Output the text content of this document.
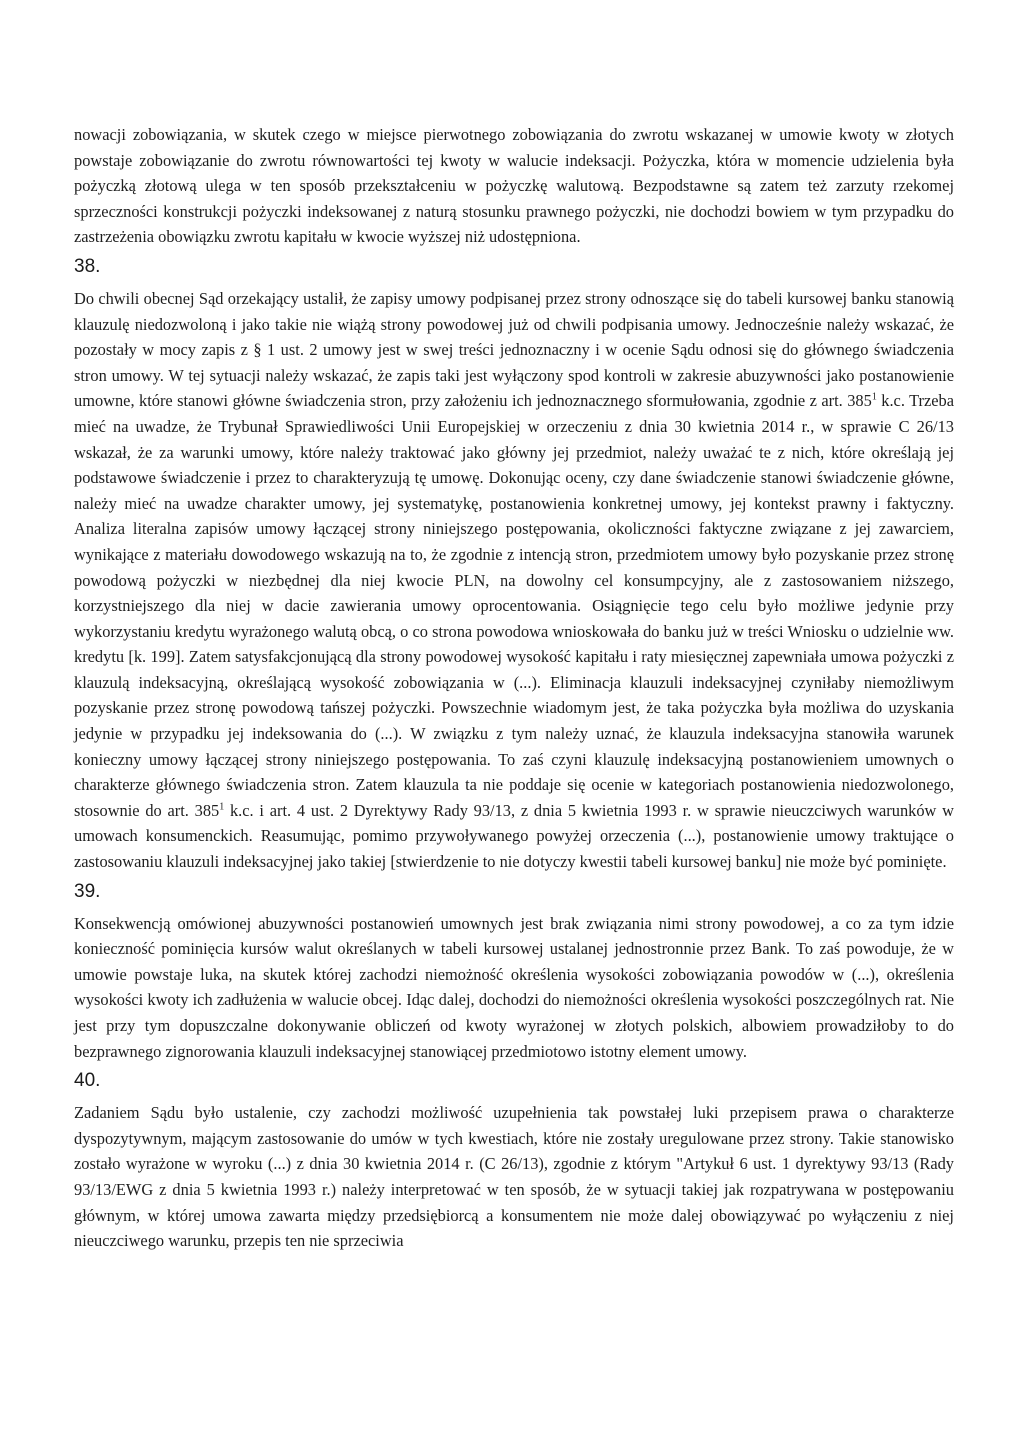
nowacji zobowiązania, w skutek czego w miejsce pierwotnego zobowiązania do zwrotu wskazanej w umowie kwoty w złotych powstaje zobowiązanie do zwrotu równowartości tej kwoty w walucie indeksacji. Pożyczka, która w momencie udzielenia była pożyczką złotową ulega w ten sposób przekształceniu w pożyczkę walutową. Bezpodstawne są zatem też zarzuty rzekomej sprzeczności konstrukcji pożyczki indeksowanej z naturą stosunku prawnego pożyczki, nie dochodzi bowiem w tym przypadku do zastrzeżenia obowiązku zwrotu kapitału w kwocie wyższej niż udostępniona.

38.

Do chwili obecnej Sąd orzekający ustalił, że zapisy umowy podpisanej przez strony odnoszące się do tabeli kursowej banku stanowią klauzulę niedozwoloną i jako takie nie wiążą strony powodowej już od chwili podpisania umowy. Jednocześnie należy wskazać, że pozostały w mocy zapis z § 1 ust. 2 umowy jest w swej treści jednoznaczny i w ocenie Sądu odnosi się do głównego świadczenia stron umowy. W tej sytuacji należy wskazać, że zapis taki jest wyłączony spod kontroli w zakresie abuzywności jako postanowienie umowne, które stanowi główne świadczenia stron, przy założeniu ich jednoznacznego sformułowania, zgodnie z art. $385^1$ k.c. Trzeba mieć na uwadze, że Trybunał Sprawiedliwości Unii Europejskiej w orzeczeniu z dnia 30 kwietnia 2014 r., w sprawie C 26/13 wskazał, że za warunki umowy, które należy traktować jako główny jej przedmiot, należy uważać te z nich, które określają jej podstawowe świadczenie i przez to charakteryzują tę umowę. Dokonując oceny, czy dane świadczenie stanowi świadczenie główne, należy mieć na uwadze charakter umowy, jej systematykę, postanowienia konkretnej umowy, jej kontekst prawny i faktyczny. Analiza literalna zapisów umowy łączącej strony niniejszego postępowania, okoliczności faktyczne związane z jej zawarciem, wynikające z materiału dowodowego wskazują na to, że zgodnie z intencją stron, przedmiotem umowy było pozyskanie przez stronę powodową pożyczki w niezbędnej dla niej kwocie PLN, na dowolny cel konsumpcyjny, ale z zastosowaniem niższego, korzystniejszego dla niej w dacie zawierania umowy oprocentowania. Osiągnięcie tego celu było możliwe jedynie przy wykorzystaniu kredytu wyrażonego walutą obcą, o co strona powodowa wnioskowała do banku już w treści Wniosku o udzielnie ww. kredytu [k. 199]. Zatem satysfakcjonującą dla strony powodowej wysokość kapitału i raty miesięcznej zapewniała umowa pożyczki z klauzulą indeksacyjną, określającą wysokość zobowiązania w (...). Eliminacja klauzuli indeksacyjnej czyniłaby niemożliwym pozyskanie przez stronę powodową tańszej pożyczki. Powszechnie wiadomym jest, że taka pożyczka była możliwa do uzyskania jedynie w przypadku jej indeksowania do (...). W związku z tym należy uznać, że klauzula indeksacyjna stanowiła warunek konieczny umowy łączącej strony niniejszego postępowania. To zaś czyni klauzulę indeksacyjną postanowieniem umownych o charakterze głównego świadczenia stron. Zatem klauzula ta nie poddaje się ocenie w kategoriach postanowienia niedozwolonego, stosownie do art. $385^1$ k.c. i art. 4 ust. 2 Dyrektywy Rady 93/13, z dnia 5 kwietnia 1993 r. w sprawie nieuczciwych warunków w umowach konsumenckich. Reasumując, pomimo przywoływanego powyżej orzeczenia (...), postanowienie umowy traktujące o zastosowaniu klauzuli indeksacyjnej jako takiej [stwierdzenie to nie dotyczy kwestii tabeli kursowej banku] nie może być pominięte.

39.

Konsekwencją omówionej abuzywności postanowień umownych jest brak związania nimi strony powodowej, a co za tym idzie konieczność pominięcia kursów walut określanych w tabeli kursowej ustalanej jednostronnie przez Bank. To zaś powoduje, że w umowie powstaje luka, na skutek której zachodzi niemożność określenia wysokości zobowiązania powodów w (...), określenia wysokości kwoty ich zadłużenia w walucie obcej. Idąc dalej, dochodzi do niemożności określenia wysokości poszczególnych rat. Nie jest przy tym dopuszczalne dokonywanie obliczeń od kwoty wyrażonej w złotych polskich, albowiem prowadziłoby to do bezprawnego zignorowania klauzuli indeksacyjnej stanowiącej przedmiotowo istotny element umowy.

40.

Zadaniem Sądu było ustalenie, czy zachodzi możliwość uzupełnienia tak powstałej luki przepisem prawa o charakterze dyspozytywnym, mającym zastosowanie do umów w tych kwestiach, które nie zostały uregulowane przez strony. Takie stanowisko zostało wyrażone w wyroku (...) z dnia 30 kwietnia 2014 r. (C 26/13), zgodnie z którym "Artykuł 6 ust. 1 dyrektywy 93/13 (Rady 93/13/EWG z dnia 5 kwietnia 1993 r.) należy interpretować w ten sposób, że w sytuacji takiej jak rozpatrywana w postępowaniu głównym, w której umowa zawarta między przedsiębiorcą a konsumentem nie może dalej obowiązywać po wyłączeniu z niej nieuczciwego warunku, przepis ten nie sprzeciwia
